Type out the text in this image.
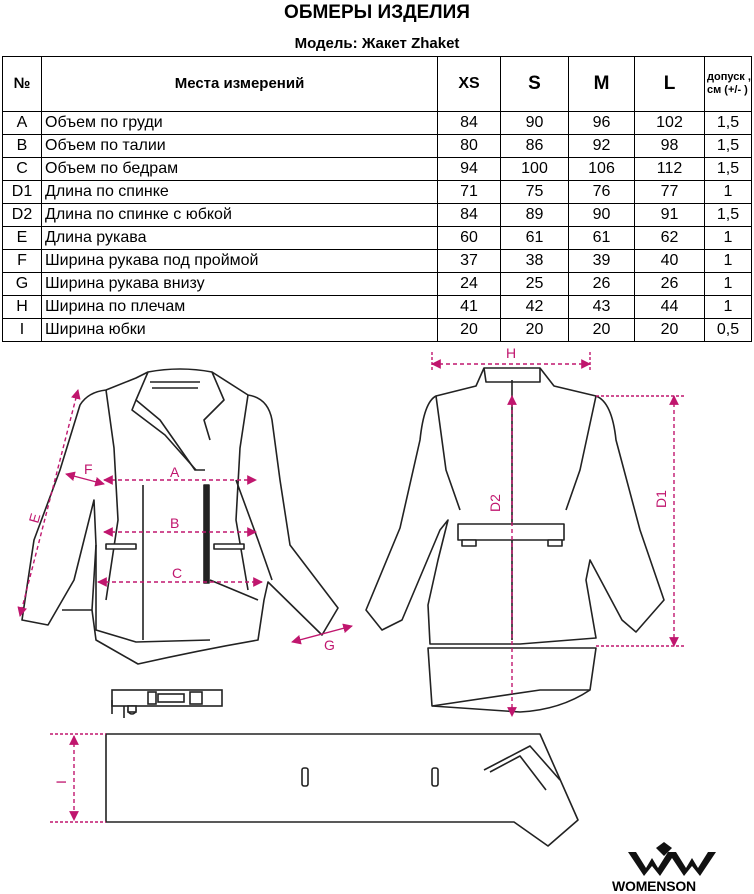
ОБМЕРЫ ИЗДЕЛИЯ
Модель: Жакет Zhaket
№	Места измерений	XS	S	M	L	допуск , см (+/- )
A	Объем по груди	84	90	96	102	1,5
B	Объем по талии	80	86	92	98	1,5
C	Объем по бедрам	94	100	106	112	1,5
D1	Длина по спинке	71	75	76	77	1
D2	Длина по спинке с юбкой	84	89	90	91	1,5
E	Длина рукава	60	61	61	62	1
F	Ширина рукава под проймой	37	38	39	40	1
G	Ширина рукава внизу	24	25	26	26	1
H	Ширина по плечам	41	42	43	44	1
I	Ширина юбки	20	20	20	20	0,5
A
B
C
E
F
G
H
D2	D1
I
WOMENSON
